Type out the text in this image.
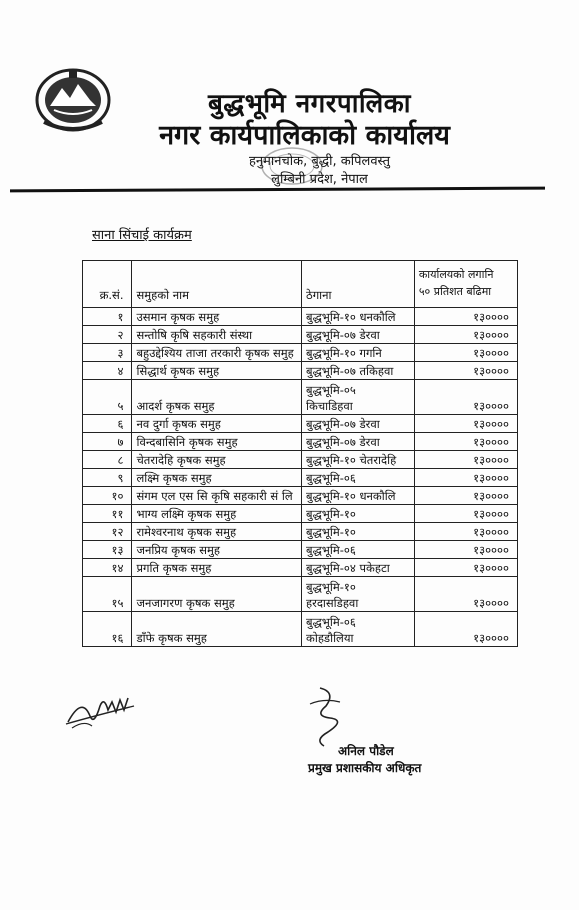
बुद्धभूमि नगरपालिका
नगर कार्यपालिकाको कार्यालय
हनुमानचोक, बुद्धी, कपिलवस्तु
लुम्बिनी प्रदेश, नेपाल
साना सिंचाई कार्यक्रम
क्र.सं.	समुहको नाम	ठेगाना	कार्यालयको लगानि
५० प्रतिशत बढिमा
१	उसमान कृषक समुह	बुद्धभूमि-१० धनकौलि	१३००००
२	सन्तोषि कृषि सहकारी संस्था	बुद्धभूमि-०७ डेरवा	१३००००
३	बहुउद्देश्यिय ताजा तरकारी कृषक समुह	बुद्धभूमि-१० गगनि	१३००००
४	सिद्धार्थ कृषक समुह	बुद्धभूमि-०७ तकिहवा	१३००००
५	आदर्श कृषक समुह	बुद्धभूमि-०५
किचाडिहवा	१३००००
६	नव दुर्गा कृषक समुह	बुद्धभूमि-०७ डेरवा	१३००००
७	विन्दबासिनि कृषक समुह	बुद्धभूमि-०७ डेरवा	१३००००
८	चेतरादेहि कृषक समुह	बुद्धभूमि-१० चेतरादेहि	१३००००
९	लक्ष्मि कृषक समुह	बुद्धभूमि-०६	१३००००
१०	संगम एल एस सि कृषि सहकारी सं लि	बुद्धभूमि-१० धनकौलि	१३००००
११	भाग्य लक्ष्मि कृषक समुह	बुद्धभूमि-१०	१३००००
१२	रामेश्वरनाथ कृषक समुह	बुद्धभूमि-१०	१३००००
१३	जनप्रिय कृषक समुह	बुद्धभूमि-०६	१३००००
१४	प्रगति कृषक समुह	बुद्धभूमि-०४ पकेहटा	१३००००
१५	जनजागरण कृषक समुह	बुद्धभूमि-१०
हरदासडिहवा	१३००००
१६	डाँफे कृषक समुह	बुद्धभूमि-०६
कोहडौलिया	१३००००
अनिल पौडेल
प्रमुख प्रशासकीय अधिकृत
